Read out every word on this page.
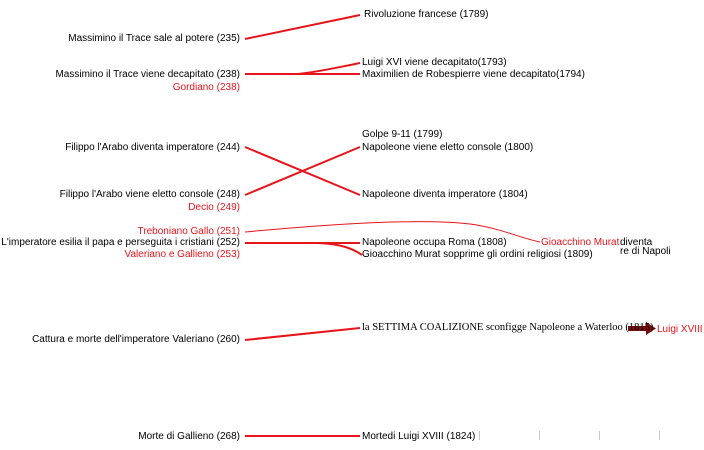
Massimino il Trace sale al potere (235)
Massimino il Trace viene decapitato (238)
Gordiano (238)
Filippo l'Arabo diventa imperatore (244)
Filippo l'Arabo viene eletto console (248)
Decio (249)
Treboniano Gallo (251)
L'imperatore esilia il papa e perseguita i cristiani (252)
Valeriano e Gallieno (253)
Cattura e morte dell'imperatore Valeriano (260)
Morte di Gallieno (268)
Rivoluzione francese (1789)
Luigi XVI viene decapitato(1793)
Maximilien de Robespierre viene decapitato(1794)
Golpe 9-11 (1799)
Napoleone viene eletto console (1800)
Napoleone diventa imperatore (1804)
Napoleone occupa Roma (1808)
Gioacchino Murat sopprime gli ordini religiosi (1809)
la SETTIMA COALIZIONE sconfigge Napoleone a Waterloo (1815)
Mortedi Luigi XVIII (1824)
Gioacchino Murat diventa
re di Napoli
Luigi XVIII
